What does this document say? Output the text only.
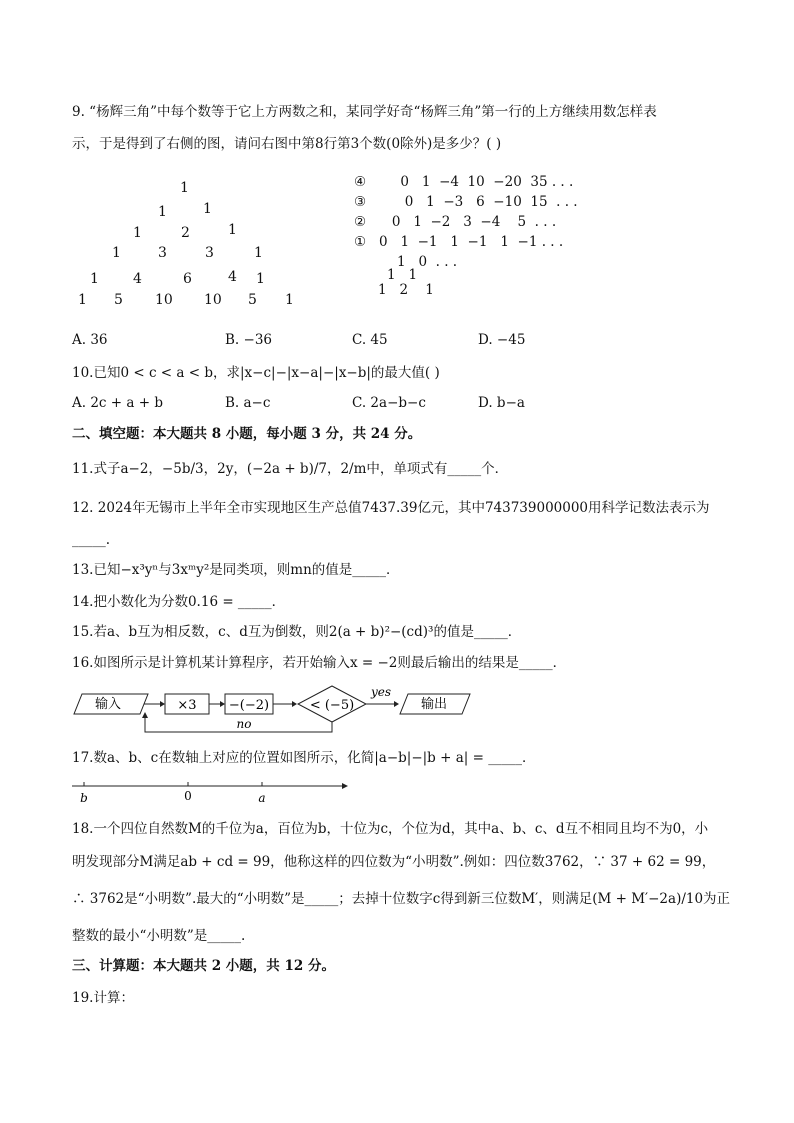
9. “杨辉三角”中每个数等于它上方两数之和，某同学好奇“杨辉三角”第一行的上方继续用数怎样表
示，于是得到了右侧的图，请问右图中第8行第3个数(0除外)是多少？( )
1
1	1
1	2	1
1	3	3	1
1 4	6	4 1
1 5 10 10 5 1
④        0   1  −4  10  −20  35 . . .
③         0   1  −3   6  −10  15  . . .
②      0   1  −2   3  −4    5  . . .
①   0   1  −1   1  −1   1  −1 . . .
1   0  . . .
1   1
1   2    1
A. 36	B. −36	C. 45	D. −45
10.已知0 < c < a < b，求|x−c|−|x−a|−|x−b|的最大值( )
A. 2c + a + b	B. a−c	C. 2a−b−c	D. b−a
二、填空题：本大题共 8 小题，每小题 3 分，共 24 分。
11.式子a−2，−5b/3，2y，(−2a + b)/7，2/m中，单项式有_____个．
12. 2024年无锡市上半年全市实现地区生产总值7437.39亿元，其中743739000000用科学记数法表示为
_____.
13.已知−x³yⁿ与3xᵐy²是同类项，则mn的值是_____．
14.把小数化为分数0.16 = _____．
15.若a、b互为相反数，c、d互为倒数，则2(a + b)²−(cd)³的值是_____．
16.如图所示是计算机某计算程序，若开始输入x = −2则最后输出的结果是_____．
输入	×3 −(−2)	< (−5)
yes
输出
no
17.数a、b、c在数轴上对应的位置如图所示，化简|a−b|−|b + a| = _____．
b	0	a
18.一个四位自然数M的千位为a，百位为b，十位为c，个位为d，其中a、b、c、d互不相同且均不为0，小
明发现部分M满足ab + cd = 99，他称这样的四位数为“小明数”.例如：四位数3762，∵ 37 + 62 = 99，
∴ 3762是“小明数”.最大的“小明数”是_____；去掉十位数字c得到新三位数M′，则满足(M + M′−2a)/10为正
整数的最小“小明数”是_____.
三、计算题：本大题共 2 小题，共 12 分。
19.计算：
